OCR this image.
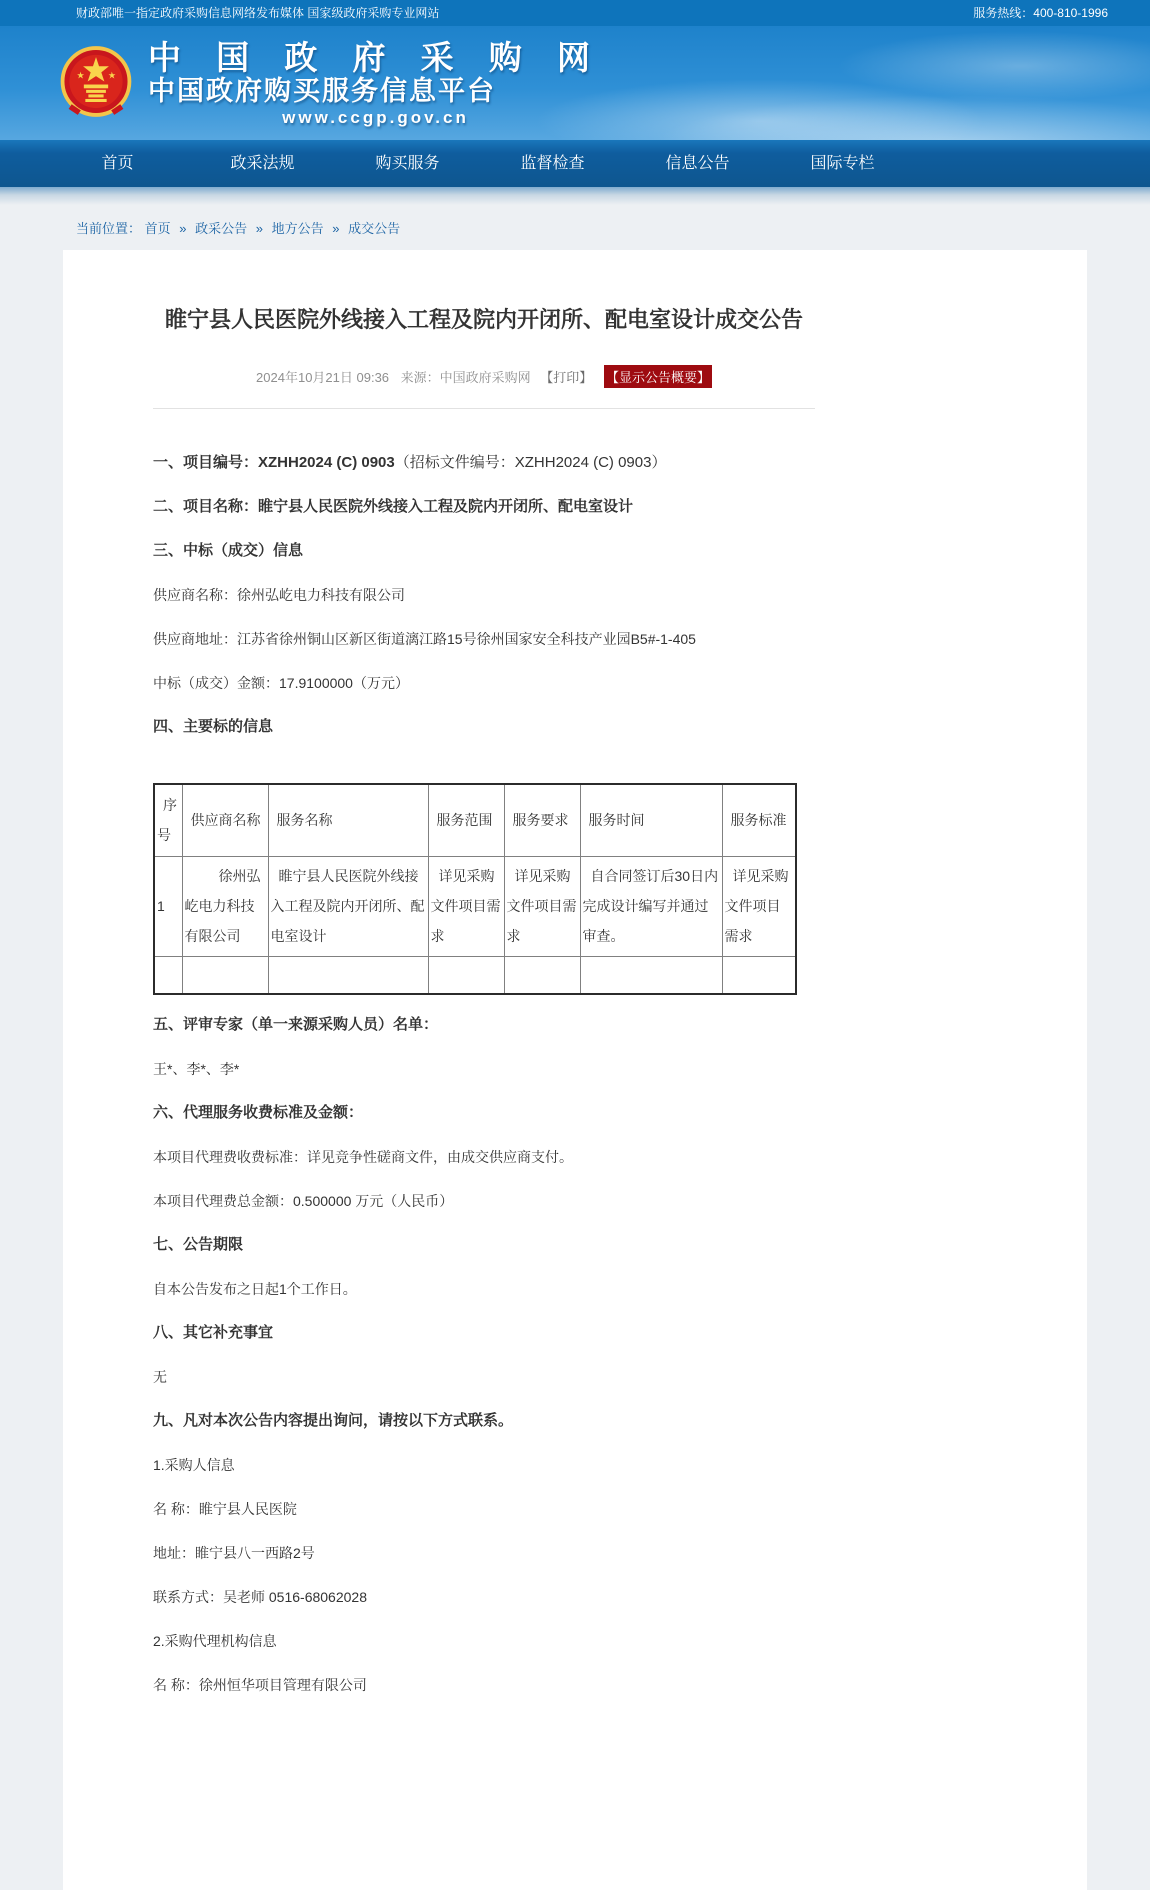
财政部唯一指定政府采购信息网络发布媒体 国家级政府采购专业网站	服务热线：400-810-1996
中 国 政 府 采 购 网
中国政府购买服务信息平台
www.ccgp.gov.cn
首页	政采法规	购买服务	监督检查	信息公告	国际专栏
当前位置： 首页 » 政采公告 » 地方公告 » 成交公告
睢宁县人民医院外线接入工程及院内开闭所、配电室设计成交公告
2024年10月21日 09:36 来源：中国政府采购网 【打印】 【显示公告概要】

一、项目编号：XZHH2024 (C) 0903（招标文件编号：XZHH2024 (C) 0903）

二、项目名称：睢宁县人民医院外线接入工程及院内开闭所、配电室设计

三、中标（成交）信息

供应商名称：徐州弘屹电力科技有限公司

供应商地址：江苏省徐州铜山区新区街道漓江路15号徐州国家安全科技产业园B5#-1-405

中标（成交）金额：17.9100000（万元）

四、主要标的信息

序号	供应商名称	服务名称	服务范围	服务要求	服务时间	服务标准
1	徐州弘屹电力科技有限公司	睢宁县人民医院外线接入工程及院内开闭所、配电室设计	详见采购文件项目需求	详见采购文件项目需求	自合同签订后30日内完成设计编写并通过审查。	详见采购文件项目需求

五、评审专家（单一来源采购人员）名单：

王*、李*、李*

六、代理服务收费标准及金额：

本项目代理费收费标准：详见竞争性磋商文件，由成交供应商支付。

本项目代理费总金额：0.500000 万元（人民币）

七、公告期限

自本公告发布之日起1个工作日。

八、其它补充事宜

无

九、凡对本次公告内容提出询问，请按以下方式联系。

1.采购人信息

名 称：睢宁县人民医院

地址：睢宁县八一西路2号

联系方式：吴老师 0516-68062028

2.采购代理机构信息

名 称：徐州恒华项目管理有限公司
